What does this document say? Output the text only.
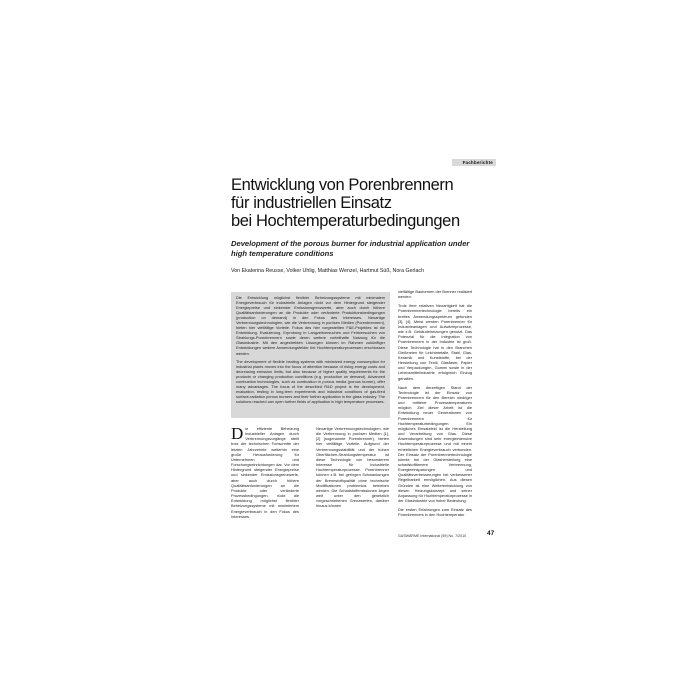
Fachberichte
Entwicklung von Porenbrennern
für industriellen Einsatz
bei Hochtemperaturbedingungen

Development of the porous burner for industrial application under high temperature conditions

Von Ekaterina Reusse, Volker Uhlig, Matthias Wenzel, Hartmut Süß, Nora Gerlach

Die Entwicklung möglichst flexibler Beheizungssysteme mit minimalem Energieverbrauch für industrielle Anlagen rückt vor dem Hintergrund steigender Energiepreise und sinkender Emissionsgrenzwerte, aber auch durch höhere Qualitätsanforderungen an die Produkte oder veränderte Produktionsbedingungen (production on demand) in den Fokus des Interesses. Neuartige Verbrennungstechnologien, wie die Verbrennung in porösen Medien (Porenbrennern), bieten hier vielfältige Vorteile. Fokus des hier vorgestellten F&E-Projektes ist die Entwicklung, Evaluierung, Erprobung in Langzeitversuchen und Feldversuchen von Strahlungs-Porenbrennern sowie deren weitere vorteilhafte Nutzung für die Glasindustrie. Mit den angestrebten Lösungen können im Rahmen zukünftiger Entwicklungen weitere Anwendungsfelder bei Hochtemperaturprozessen erschlossen werden.

The development of flexible heating systems with minimized energy consumption for industrial plants moves into the focus of attention because of rising energy costs and decreasing emission limits, but also because of higher quality requirements for the products or changing production conditions (e.g. production on demand). Advanced combustion technologies, such as combustion in porous media (porous burner), offer many advantages. The focus of the described R&D project is the development, evaluation, testing in long-term experiments and industrial conditions of gas-fired surface-radiation porous burners and their further application in the glass industry. The solutions reached can open further fields of application in high temperature processes.

Die effiziente Beheizung industrieller Anlagen durch Verbrennungsvorgänge stellt trotz der technischen Fortschritte der letzten Jahrzehnte weiterhin eine große Herausforderung für Unternehmen und Forschungseinrichtungen dar. Vor dem Hintergrund steigender Energiepreise und sinkender Emissionsgrenzwerte, aber auch durch höhere Qualitätsanforderungen an die Produkte oder veränderte Prozessbedingungen, rückt die Entwicklung möglichst flexibler Beheizungssysteme mit minimiertem Energieverbrauch in den Fokus des Interesses.

Neuartige Verbrennungstechnologien, wie die Verbrennung in porösen Medien [1], [2] (sogenannte Porenbrenner), bieten hier vielfältige Vorteile. Aufgrund der Verbrennungsstabilität und der hohen Oberflächen-Strahlungstemperatur ist diese Technologie von besonderem Interesse für industrielle Hochtemperaturprozesse. Porenbrenner können z.B. bei geringen Schwankungen der Brennstoffqualität ohne technische Modifikationen problemlos betrieben werden. Die Schadstoffemissionen liegen weit unter den gesetzlich vorgeschriebenen Grenzwerten, darüber hinaus können

vielfältige Bauformen der Brenner realisiert werden.

Trotz ihrer relativen Neuartigkeit hat die Porenbrennertechnologie bereits ein breites Anwendungsspektrum gefunden [3], [4]. Meist werden Porenbrenner für Industrieanlagen und Aufwärmprozesse, wie z.B. Gebäudeheizungen genutzt. Das Potenzial für die Integration von Porenbrennern in der Industrie ist groß. Diese Technologie hat in den Branchen Gießereien für Leichtmetalle, Stahl, Glas, Keramik und Kunststoffe, bei der Herstellung von Textil, Glasfaser, Papier und Verpackungen, Gummi sowie in der Lebensmittelindustrie erfolgreich Einzug gehalten.

Nach dem derzeitigen Stand der Technologie ist der Einsatz von Porenbrennern für den Bereich niedriger und mittlerer Prozesstemperaturen möglich. Ziel dieser Arbeit ist die Entwicklung neuer Generationen von Porenbrennern für Hochtemperaturbedingungen. Ein mögliches Einsatzfeld ist die Herstellung und Verarbeitung von Glas. Diese Anwendungen sind sehr energieintensive Hochtemperaturprozesse und mit einem erheblichen Energieverbrauch verbunden. Der Einsatz der Porenbrennertechnologie könnte bei der Glasherstellung eine schadstoffärmere Verbrennung, Energieeinsparungen und Qualitätsverbesserungen bei verbesserter Regelbarkeit ermöglichen. Aus diesen Gründen ist eine Weiterentwicklung von diesen Heizungskonzept und seiner Anpassung für Hochtemperaturprozesse in der Glasindustrie von hoher Bedeutung.

Die ersten Erfahrungen zum Einsatz des Porenbrenners in den Hochtemperatur

GASWÄRME International (59) No. 7/2010	47
